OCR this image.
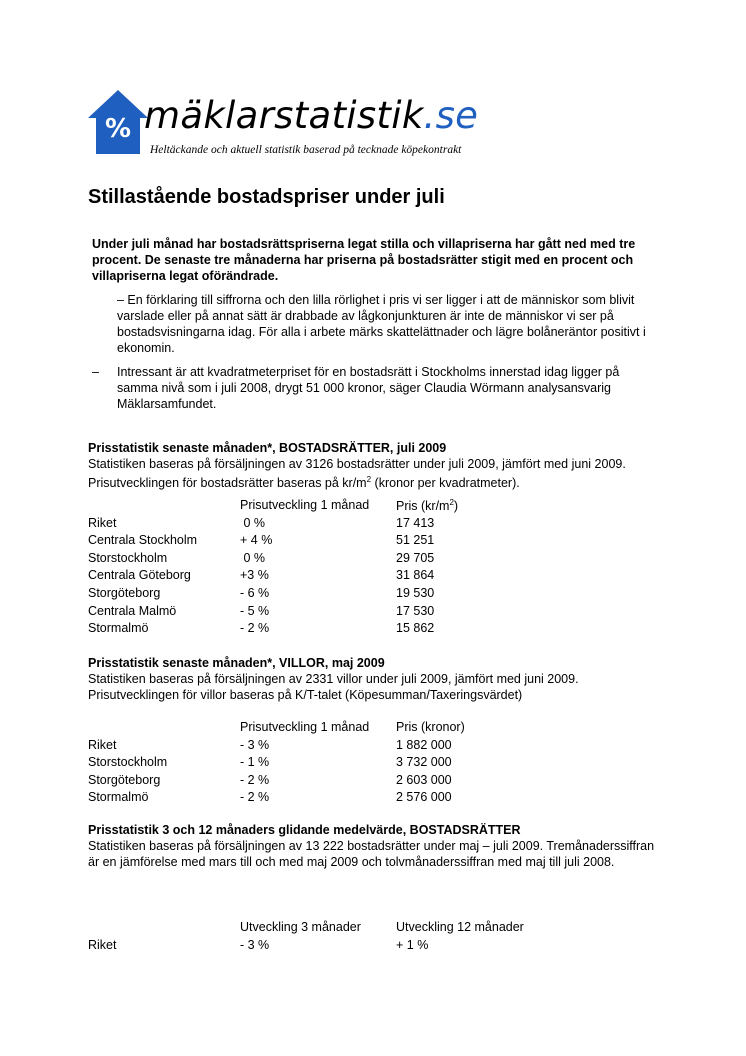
% mäklarstatistik.se
Heltäckande och aktuell statistik baserad på tecknade köpekontrakt
Stillastående bostadspriser under juli
Under juli månad har bostadsrättspriserna legat stilla och villapriserna har gått ned med tre procent. De senaste tre månaderna har priserna på bostadsrätter stigit med en procent och villapriserna legat oförändrade.
– En förklaring till siffrorna och den lilla rörlighet i pris vi ser ligger i att de människor som blivit varslade eller på annat sätt är drabbade av lågkonjunkturen är inte de människor vi ser på bostadsvisningarna idag. För alla i arbete märks skattelättnader och lägre bolåneräntor positivt i ekonomin.
– Intressant är att kvadratmeterpriset för en bostadsrätt i Stockholms innerstad idag ligger på samma nivå som i juli 2008, drygt 51 000 kronor, säger Claudia Wörmann analysansvarig Mäklarsamfundet.
Prisstatistik senaste månaden*, BOSTADSRÄTTER, juli 2009
Statistiken baseras på försäljningen av 3126 bostadsrätter under juli 2009, jämfört med juni 2009. Prisutvecklingen för bostadsrätter baseras på $kr/m^2$ (kronor per kvadratmeter).
	Prisutveckling 1 månad	Pris $(kr/m^2)$
Riket	0 %	17 413
Centrala Stockholm	+ 4 %	51 251
Storstockholm	0 %	29 705
Centrala Göteborg	+3 %	31 864
Storgöteborg	- 6 %	19 530
Centrala Malmö	- 5 %	17 530
Stormalmö	- 2 %	15 862
Prisstatistik senaste månaden*, VILLOR, maj 2009
Statistiken baseras på försäljningen av 2331 villor under juli 2009, jämfört med juni 2009. Prisutvecklingen för villor baseras på K/T-talet (Köpesumman/Taxeringsvärdet)
	Prisutveckling 1 månad	Pris (kronor)
Riket	- 3 %	1 882 000
Storstockholm	- 1 %	3 732 000
Storgöteborg	- 2 %	2 603 000
Stormalmö	- 2 %	2 576 000
Prisstatistik 3 och 12 månaders glidande medelvärde, BOSTADSRÄTTER
Statistiken baseras på försäljningen av 13 222 bostadsrätter under maj – juli 2009. Tremånaderssiffran är en jämförelse med mars till och med maj 2009 och tolvmånaderssiffran med maj till juli 2008.
	Utveckling 3 månader	Utveckling 12 månader
Riket	- 3 %	+ 1 %
